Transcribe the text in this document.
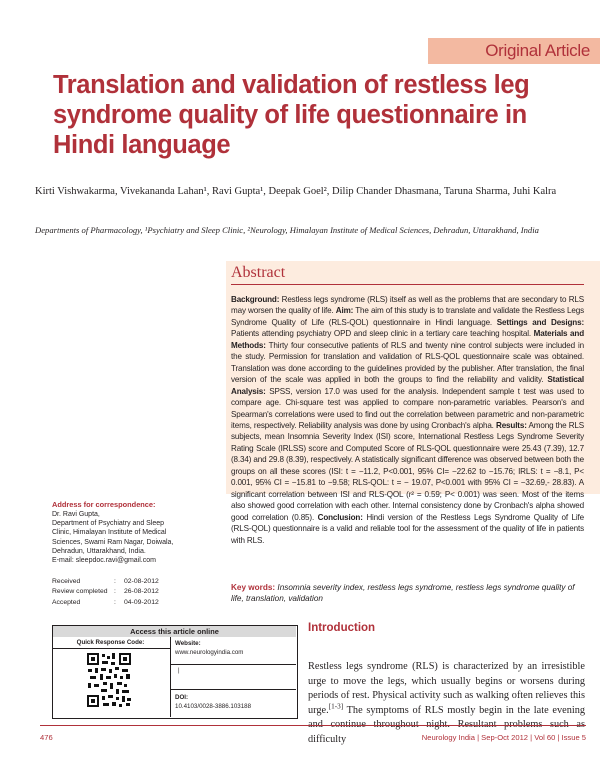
Original Article
Translation and validation of restless leg syndrome quality of life questionnaire in Hindi language
Kirti Vishwakarma, Vivekananda Lahan¹, Ravi Gupta¹, Deepak Goel², Dilip Chander Dhasmana, Taruna Sharma, Juhi Kalra
Departments of Pharmacology, ¹Psychiatry and Sleep Clinic, ²Neurology, Himalayan Institute of Medical Sciences, Dehradun, Uttarakhand, India
Abstract
Background: Restless legs syndrome (RLS) itself as well as the problems that are secondary to RLS may worsen the quality of life. Aim: The aim of this study is to translate and validate the Restless Legs Syndrome Quality of Life (RLS-QOL) questionnaire in Hindi language. Settings and Designs: Patients attending psychiatry OPD and sleep clinic in a tertiary care teaching hospital. Materials and Methods: Thirty four consecutive patients of RLS and twenty nine control subjects were included in the study. Permission for translation and validation of RLS-QOL questionnaire scale was obtained. Translation was done according to the guidelines provided by the publisher. After translation, the final version of the scale was applied in both the groups to find the reliability and validity. Statistical Analysis: SPSS, version 17.0 was used for the analysis. Independent sample t test was used to compare age. Chi-square test was applied to compare non-parametric variables. Pearson's and Spearman's correlations were used to find out the correlation between parametric and non-parametric items, respectively. Reliability analysis was done by using Cronbach's alpha. Results: Among the RLS subjects, mean Insomnia Severity Index (ISI) score, International Restless Legs Syndrome Severity Rating Scale (IRLSS) score and Computed Score of RLS-QOL questionnaire were 25.43 (7.39), 12.7 (8.34) and 29.8 (8.39), respectively. A statistically significant difference was observed between both the groups on all these scores (ISI: t = −11.2, P<0.001, 95% CI= −22.62 to −15.76; IRLS: t = −8.1, P< 0.001, 95% CI = −15.81 to −9.58; RLS-QOL: t = − 19.07, P<0.001 with 95% CI = −32.69,- 28.83). A significant correlation between ISI and RLS-QOL (r² = 0.59; P< 0.001) was seen. Most of the items also showed good correlation with each other. Internal consistency done by Cronbach's alpha showed good correlation (0.85). Conclusion: Hindi version of the Restless Legs Syndrome Quality of Life (RLS-QOL) questionnaire is a valid and reliable tool for the assessment of the quality of life in patients with RLS.
Key words: Insomnia severity index, restless legs syndrome, restless legs syndrome quality of life, translation, validation
Address for correspondence:
Dr. Ravi Gupta,
Department of Psychiatry and Sleep
Clinic, Himalayan Institute of Medical
Sciences, Swami Ram Nagar, Doiwala,
Dehradun, Uttarakhand, India.
E-mail: sleepdoc.ravi@gmail.com
Received	: 02-08-2012
Review completed : 26-08-2012
Accepted	: 04-09-2012
Access this article online
Quick Response Code:	Website:
www.neurologyindia.com
|
DOI:
10.4103/0028-3886.103188
Introduction
Restless legs syndrome (RLS) is characterized by an irresistible urge to move the legs, which usually begins or worsens during periods of rest. Physical activity such as walking often relieves this urge.[1-3] The symptoms of RLS mostly begin in the late evening and continue throughout night. Resultant problems such as difficulty
476	Neurology India | Sep-Oct 2012 | Vol 60 | Issue 5
